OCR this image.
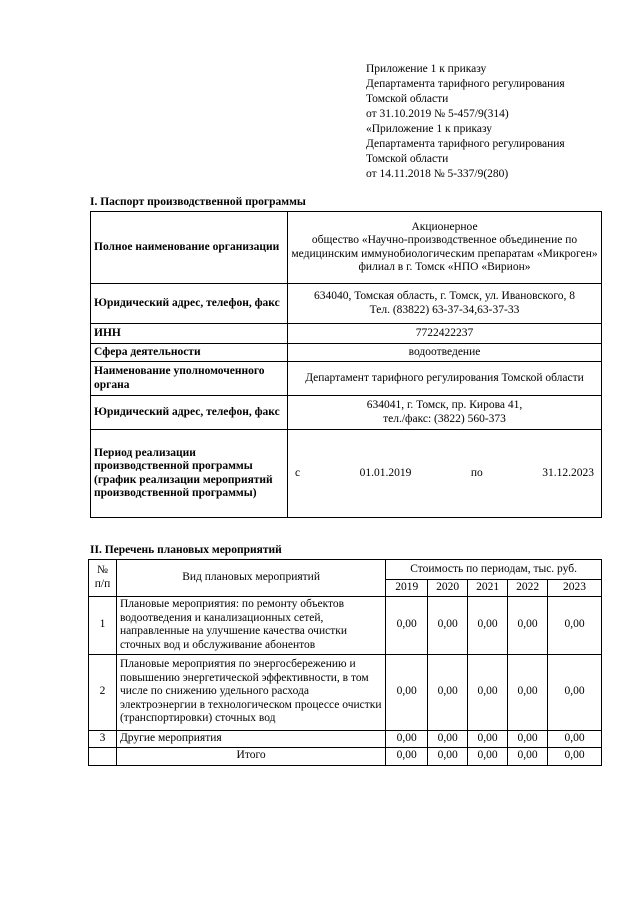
Приложение 1 к приказу
Департамента тарифного регулирования
Томской области
от 31.10.2019 № 5-457/9(314)
«Приложение 1 к приказу
Департамента тарифного регулирования
Томской области
от 14.11.2018 № 5-337/9(280)
I. Паспорт производственной программы
Полное наименование организации	Акционерное
общество «Научно-производственное объединение по медицинским иммунобиологическим препаратам «Микроген»
филиал в г. Томск «НПО «Вирион»
Юридический адрес, телефон, факс	634040, Томская область, г. Томск, ул. Ивановского, 8
Тел. (83822) 63-37-34,63-37-33
ИНН	7722422237
Сфера деятельности	водоотведение
Наименование уполномоченного органа	Департамент тарифного регулирования Томской области
Юридический адрес, телефон, факс	634041, г. Томск, пр. Кирова 41,
тел./факс: (3822) 560-373
Период реализации производственной программы (график реализации мероприятий производственной программы)	с 01.01.2019 по 31.12.2023
II. Перечень плановых мероприятий
№
п/п	Вид плановых мероприятий	Стоимость по периодам, тыс. руб.				
		2019	2020	2021	2022	2023
1	Плановые мероприятия: по ремонту объектов водоотведения и канализационных сетей, направленные на улучшение качества очистки сточных вод и обслуживание абонентов	0,00	0,00	0,00	0,00	0,00
2	Плановые мероприятия по энергосбережению и повышению энергетической эффективности, в том числе по снижению удельного расхода электроэнергии в технологическом процессе очистки (транспортировки) сточных вод	0,00	0,00	0,00	0,00	0,00
3	Другие мероприятия	0,00	0,00	0,00	0,00	0,00
	Итого	0,00	0,00	0,00	0,00	0,00
